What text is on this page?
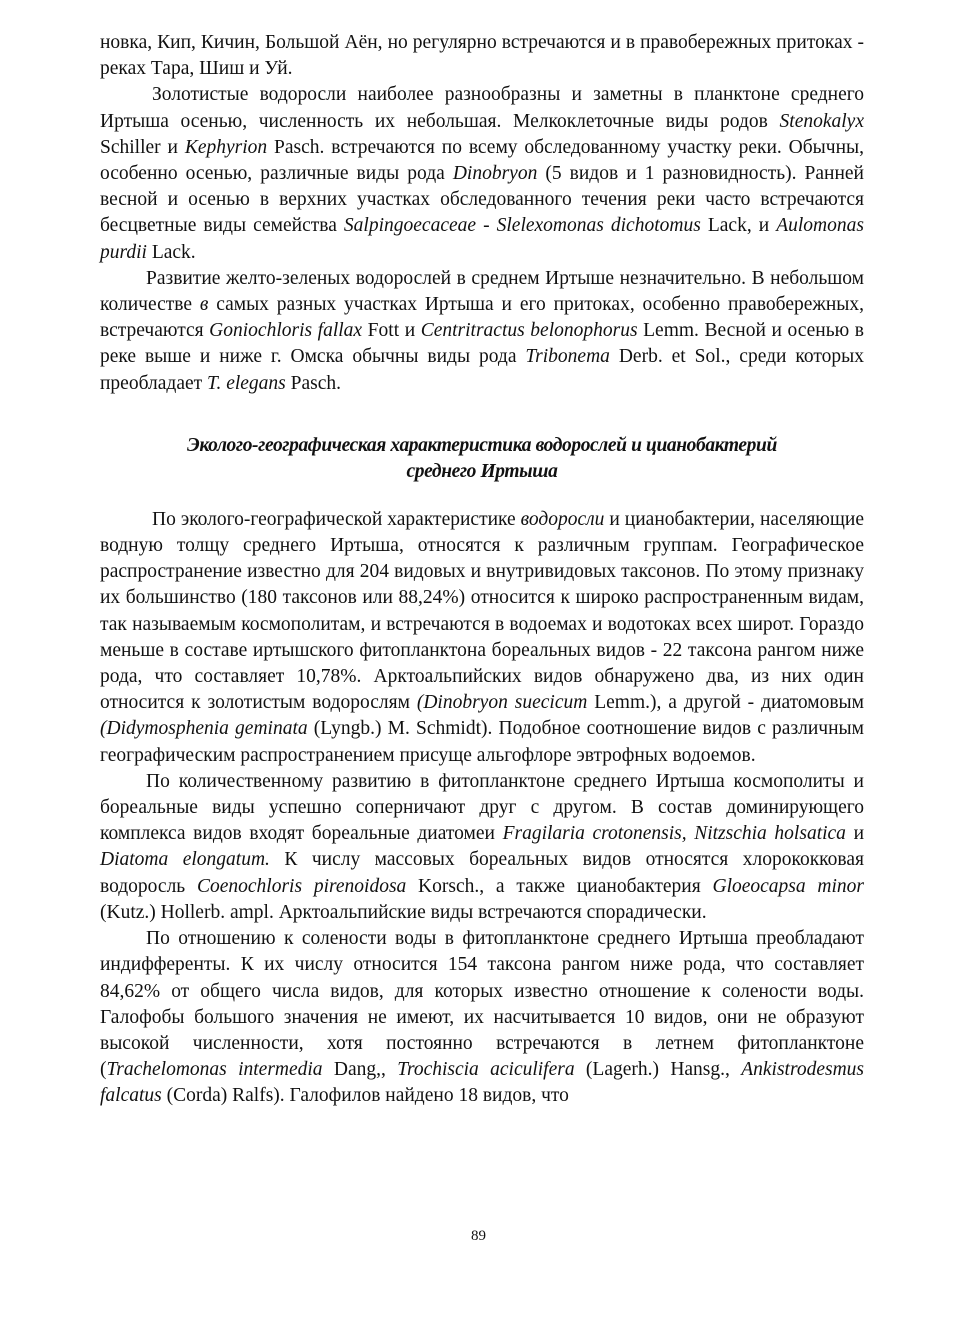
новка, Кип, Кичин, Большой Аён, но регулярно встречаются и в правобережных притоках - реках Тара, Шиш и Уй.

Золотистые водоросли наиболее разнообразны и заметны в планктоне среднего Иртыша осенью, численность их небольшая. Мелкоклеточные виды родов Stenokalyx Schiller и Kephyrion Pasch. встречаются по всему обследованному участку реки. Обычны, особенно осенью, различные виды рода Dinobryon (5 видов и 1 разновидность). Ранней весной и осенью в верхних участках обследованного течения реки часто встречаются бесцветные виды семейства Salpingoecaceae - Slelexomonas dichotomus Lack, и Aulomonas purdii Lack.

Развитие желто-зеленых водорослей в среднем Иртыше незначительно. В небольшом количестве в самых разных участках Иртыша и его притоках, особенно правобережных, встречаются Goniochloris fallax Fott и Centritractus belonophorus Lemm. Весной и осенью в реке выше и ниже г. Омска обычны виды рода Tribonema Derb. et Sol., среди которых преобладает T. elegans Pasch.

Эколого-географическая характеристика водорослей и цианобактерий
среднего Иртыша

По эколого-географической характеристике водоросли и цианобактерии, населяющие водную толщу среднего Иртыша, относятся к различным группам. Географическое распространение известно для 204 видовых и внутривидовых таксонов. По этому признаку их большинство (180 таксонов или 88,24%) относится к широко распространенным видам, так называемым космополитам, и встречаются в водоемах и водотоках всех широт. Гораздо меньше в составе иртышского фитопланктона бореальных видов - 22 таксона рангом ниже рода, что составляет 10,78%. Арктоальпийских видов обнаружено два, из них один относится к золотистым водорослям (Dinobryon suecicum Lemm.), а другой - диатомовым (Didymosphenia geminata (Lyngb.) M. Schmidt). Подобное соотношение видов с различным географическим распространением присуще альгофлоре эвтрофных водоемов.

По количественному развитию в фитопланктоне среднего Иртыша космополиты и бореальные виды успешно соперничают друг с другом. В состав доминирующего комплекса видов входят бореальные диатомеи Fragilaria crotonensis, Nitzschia holsatica и Diatoma elongatum. К числу массовых бореальных видов относятся хлорококковая водоросль Coenochloris pirenoidosa Korsch., а также цианобактерия Gloeocapsa minor (Kutz.) Hollerb. ampl. Арктоальпийские виды встречаются спорадически.

По отношению к солености воды в фитопланктоне среднего Иртыша преобладают индифференты. К их числу относится 154 таксона рангом ниже рода, что составляет 84,62% от общего числа видов, для которых известно отношение к солености воды. Галофобы большого значения не имеют, их насчитывается 10 видов, они не образуют высокой численности, хотя постоянно встречаются в летнем фитопланктоне (Trachelomonas intermedia Dang,, Trochiscia aciculifera (Lagerh.) Hansg., Ankistrodesmus falcatus (Corda) Ralfs). Галофилов найдено 18 видов, что

89
